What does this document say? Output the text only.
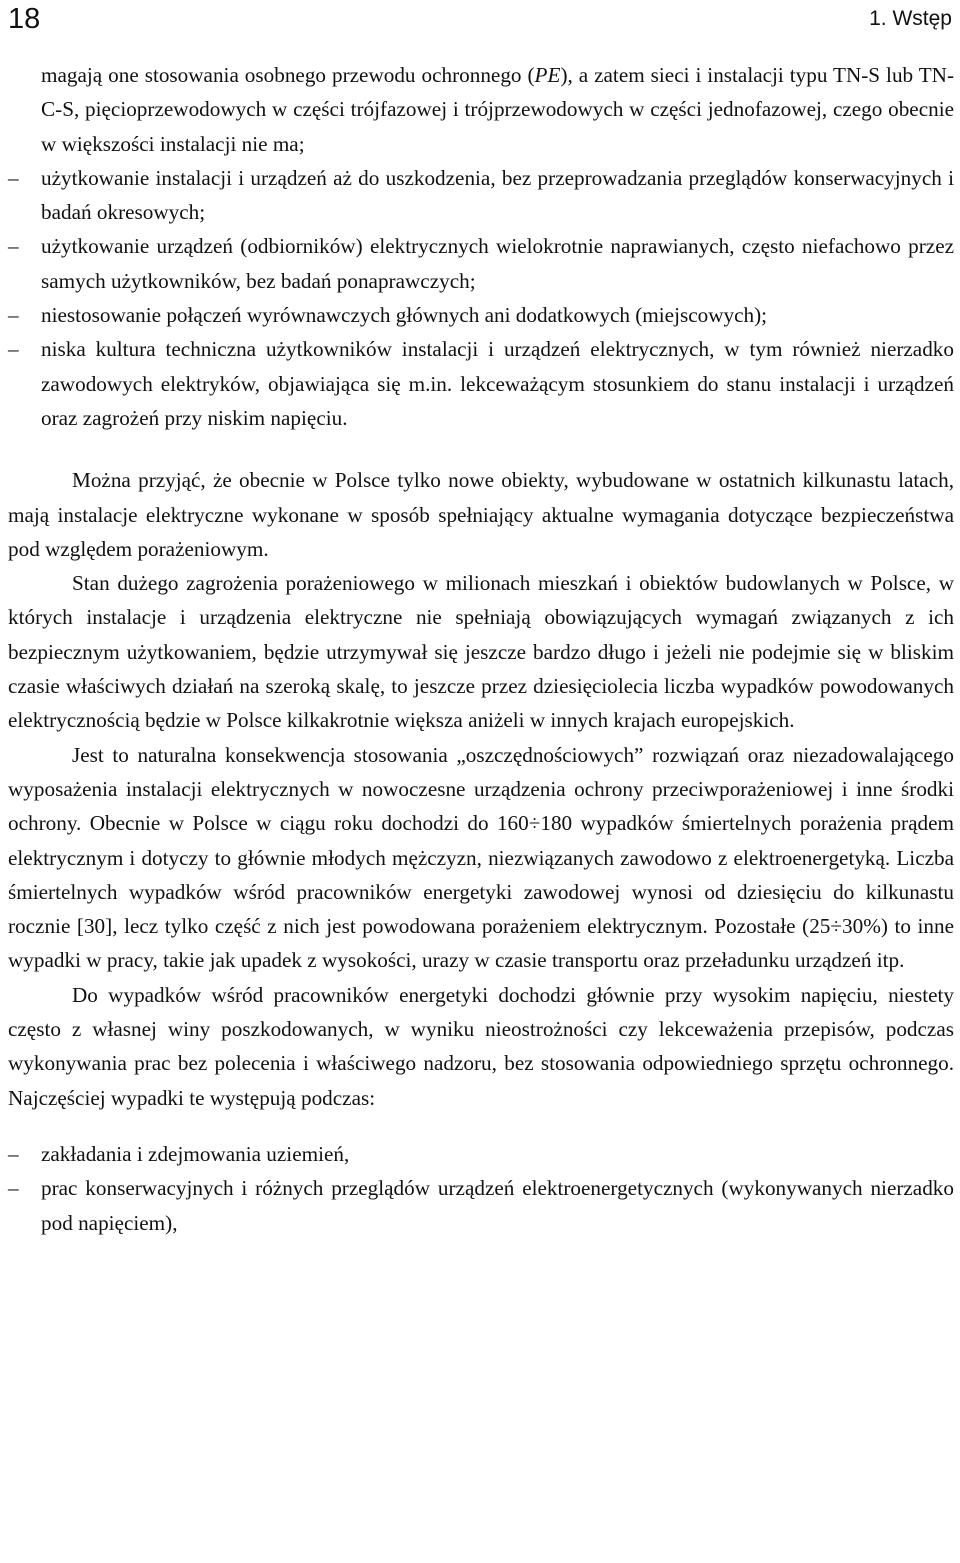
18	1. Wstęp
magają one stosowania osobnego przewodu ochronnego (PE), a zatem sieci i instalacji typu TN-S lub TN-C-S, pięcioprzewodowych w części trójfazowej i trójprzewodowych w części jednofazowej, czego obecnie w większości instalacji nie ma;
– użytkowanie instalacji i urządzeń aż do uszkodzenia, bez przeprowadzania przeglądów konserwacyjnych i badań okresowych;
– użytkowanie urządzeń (odbiorników) elektrycznych wielokrotnie naprawianych, często niefachowo przez samych użytkowników, bez badań ponaprawczych;
– niestosowanie połączeń wyrównawczych głównych ani dodatkowych (miejscowych);
– niska kultura techniczna użytkowników instalacji i urządzeń elektrycznych, w tym również nierzadko zawodowych elektryków, objawiająca się m.in. lekceważącym stosunkiem do stanu instalacji i urządzeń oraz zagrożeń przy niskim napięciu.

Można przyjąć, że obecnie w Polsce tylko nowe obiekty, wybudowane w ostatnich kilkunastu latach, mają instalacje elektryczne wykonane w sposób spełniający aktualne wymagania dotyczące bezpieczeństwa pod względem porażeniowym.

Stan dużego zagrożenia porażeniowego w milionach mieszkań i obiektów budowlanych w Polsce, w których instalacje i urządzenia elektryczne nie spełniają obowiązujących wymagań związanych z ich bezpiecznym użytkowaniem, będzie utrzymywał się jeszcze bardzo długo i jeżeli nie podejmie się w bliskim czasie właściwych działań na szeroką skalę, to jeszcze przez dziesięciolecia liczba wypadków powodowanych elektrycznością będzie w Polsce kilkakrotnie większa aniżeli w innych krajach europejskich.

Jest to naturalna konsekwencja stosowania „oszczędnościowych” rozwiązań oraz niezadowalającego wyposażenia instalacji elektrycznych w nowoczesne urządzenia ochrony przeciwporażeniowej i inne środki ochrony. Obecnie w Polsce w ciągu roku dochodzi do 160÷180 wypadków śmiertelnych porażenia prądem elektrycznym i dotyczy to głównie młodych mężczyzn, niezwiązanych zawodowo z elektroenergetyką. Liczba śmiertelnych wypadków wśród pracowników energetyki zawodowej wynosi od dziesięciu do kilkunastu rocznie [30], lecz tylko część z nich jest powodowana porażeniem elektrycznym. Pozostałe (25÷30%) to inne wypadki w pracy, takie jak upadek z wysokości, urazy w czasie transportu oraz przeładunku urządzeń itp.

Do wypadków wśród pracowników energetyki dochodzi głównie przy wysokim napięciu, niestety często z własnej winy poszkodowanych, w wyniku nieostrożności czy lekceważenia przepisów, podczas wykonywania prac bez polecenia i właściwego nadzoru, bez stosowania odpowiedniego sprzętu ochronnego. Najczęściej wypadki te występują podczas:

– zakładania i zdejmowania uziemień,
– prac konserwacyjnych i różnych przeglądów urządzeń elektroenergetycznych (wykonywanych nierzadko pod napięciem),
